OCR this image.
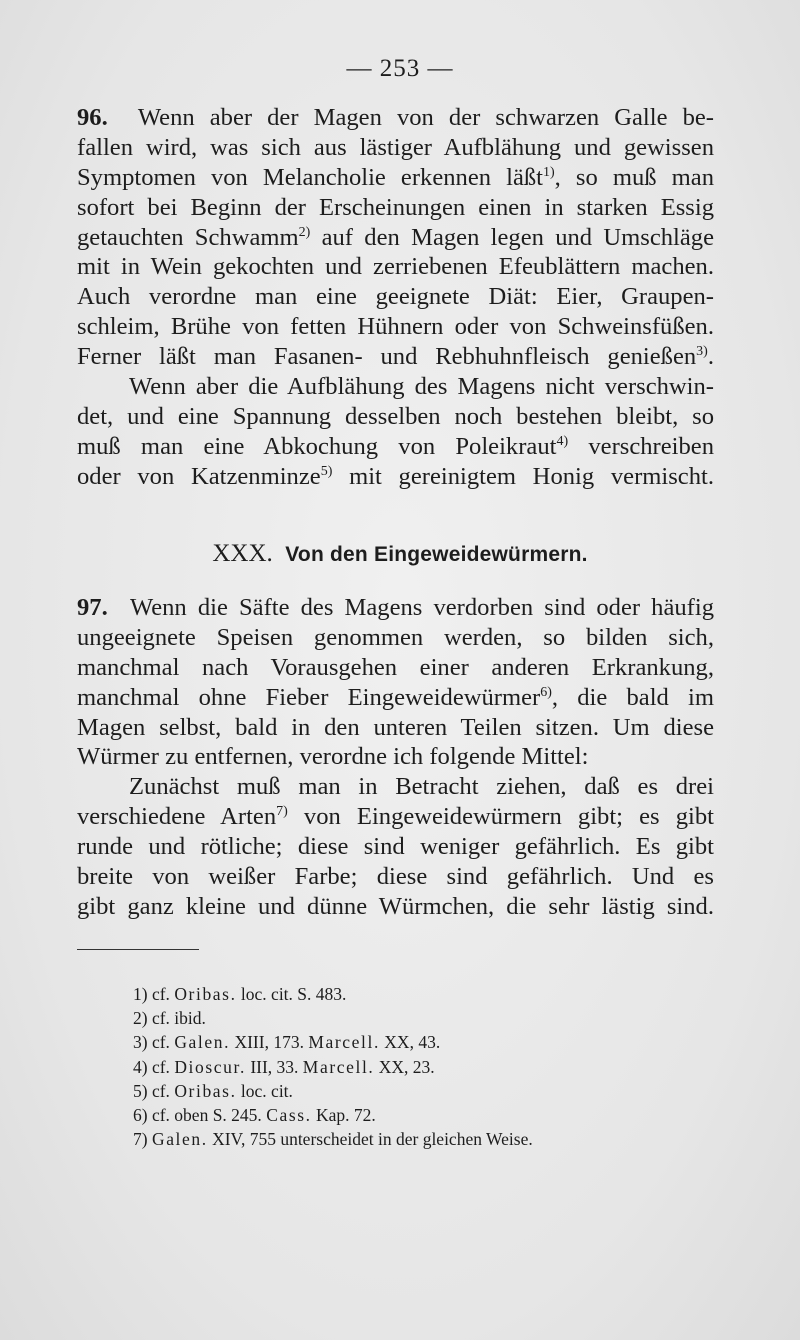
— 253 —
96. Wenn aber der Magen von der schwarzen Galle be-
fallen wird, was sich aus lästiger Aufblähung und gewissen
Symptomen von Melancholie erkennen läßt$^{1)}$, so muß man
sofort bei Beginn der Erscheinungen einen in starken Essig
getauchten Schwamm$^{2)}$ auf den Magen legen und Umschläge
mit in Wein gekochten und zerriebenen Efeublättern machen.
Auch verordne man eine geeignete Diät: Eier, Graupen-
schleim, Brühe von fetten Hühnern oder von Schweinsfüßen.
Ferner läßt man Fasanen- und Rebhuhnfleisch genießen$^{3)}$.
Wenn aber die Aufblähung des Magens nicht verschwin-
det, und eine Spannung desselben noch bestehen bleibt, so
muß man eine Abkochung von Poleikraut$^{4)}$ verschreiben
oder von Katzenminze$^{5)}$ mit gereinigtem Honig vermischt.
XXX. Von den Eingeweidewürmern.
97. Wenn die Säfte des Magens verdorben sind oder häufig
ungeeignete Speisen genommen werden, so bilden sich,
manchmal nach Vorausgehen einer anderen Erkrankung,
manchmal ohne Fieber Eingeweidewürmer$^{6)}$, die bald im
Magen selbst, bald in den unteren Teilen sitzen. Um diese
Würmer zu entfernen, verordne ich folgende Mittel:
Zunächst muß man in Betracht ziehen, daß es drei
verschiedene Arten$^{7)}$ von Eingeweidewürmern gibt; es gibt
runde und rötliche; diese sind weniger gefährlich. Es gibt
breite von weißer Farbe; diese sind gefährlich. Und es
gibt ganz kleine und dünne Würmchen, die sehr lästig sind.
1) cf. Oribas. loc. cit. S. 483.
2) cf. ibid.
3) cf. Galen. XIII, 173. Marcell. XX, 43.
4) cf. Dioscur. III, 33. Marcell. XX, 23.
5) cf. Oribas. loc. cit.
6) cf. oben S. 245. Cass. Kap. 72.
7) Galen. XIV, 755 unterscheidet in der gleichen Weise.
